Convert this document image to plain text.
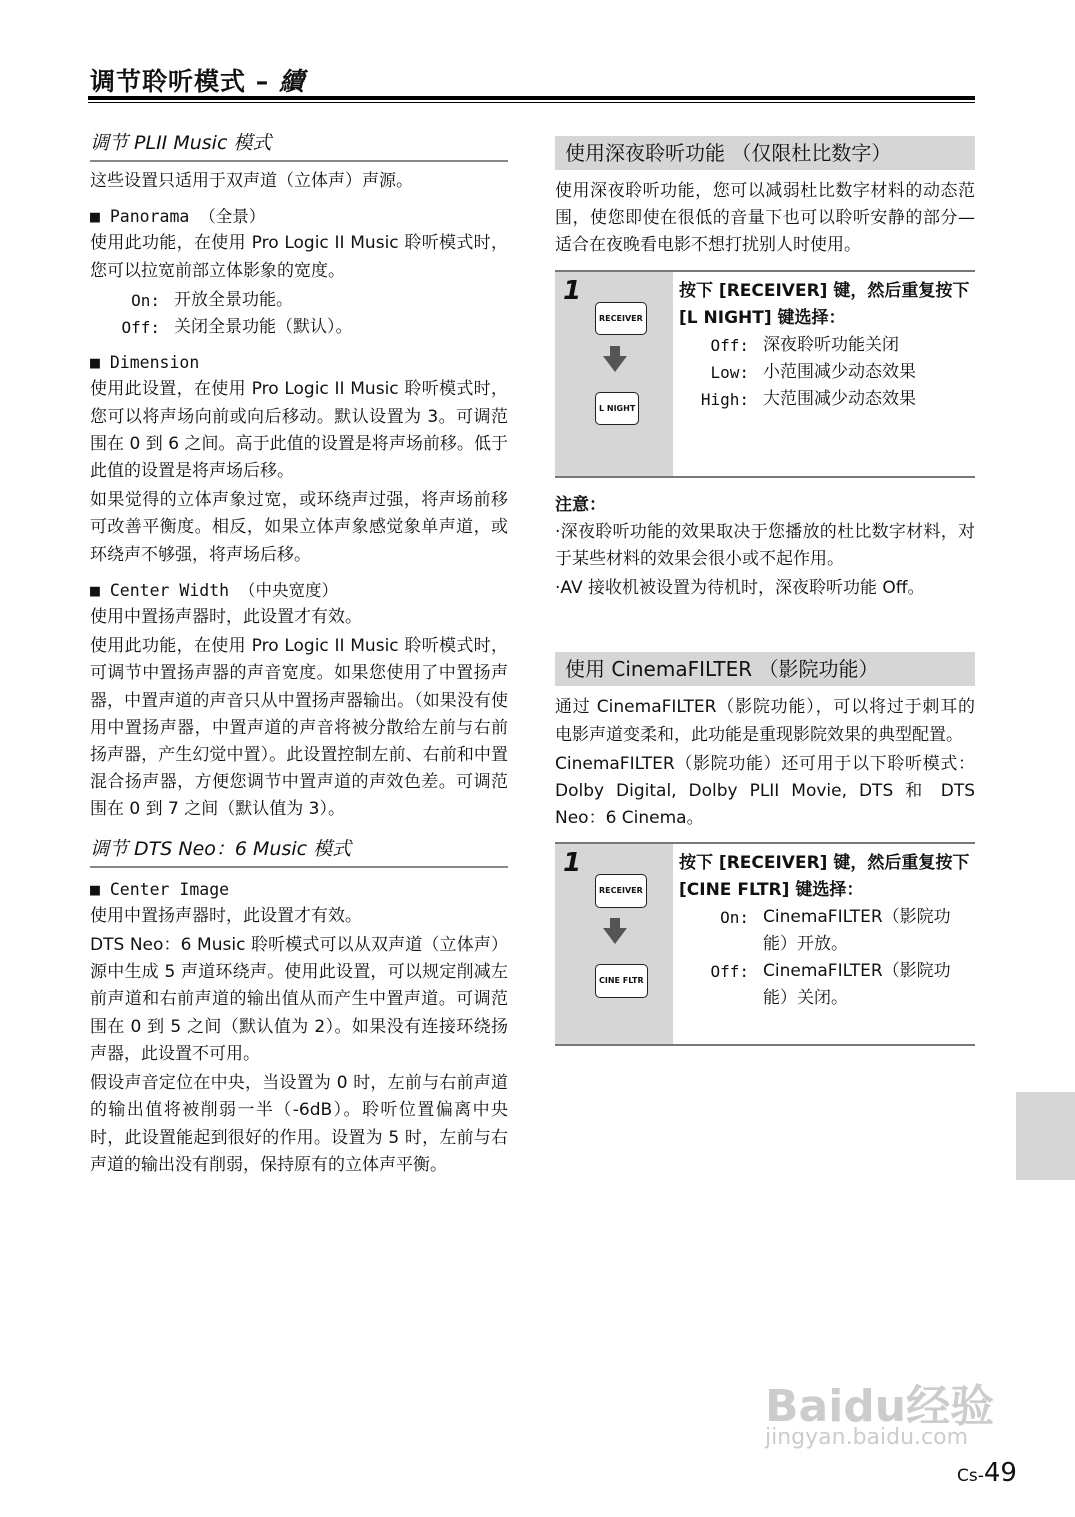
调节聆听模式 – 續
调节 PLII Music 模式

这些设置只适用于双声道（立体声）声源。

■ Panorama （全景）

使用此功能，在使用 Pro Logic II Music 聆听模式时，您可以拉宽前部立体影象的宽度。

On: 开放全景功能。
Off: 关闭全景功能（默认）。
■ Dimension

使用此设置，在使用 Pro Logic II Music 聆听模式时，您可以将声场向前或向后移动。默认设置为 3。可调范围在 0 到 6 之间。高于此值的设置是将声场前移。低于此值的设置是将声场后移。

如果觉得的立体声象过宽，或环绕声过强，将声场前移可改善平衡度。相反，如果立体声象感觉象单声道，或环绕声不够强，将声场后移。

■ Center Width （中央宽度）

使用中置扬声器时，此设置才有效。

使用此功能，在使用 Pro Logic II Music 聆听模式时，可调节中置扬声器的声音宽度。如果您使用了中置扬声器，中置声道的声音只从中置扬声器输出。（如果没有使用中置扬声器，中置声道的声音将被分散给左前与右前扬声器，产生幻觉中置）。此设置控制左前、右前和中置混合扬声器，方便您调节中置声道的声效色差。可调范围在 0 到 7 之间（默认值为 3）。

调节 DTS Neo：6 Music 模式
■ Center Image

使用中置扬声器时，此设置才有效。

DTS Neo：6 Music 聆听模式可以从双声道（立体声）源中生成 5 声道环绕声。使用此设置，可以规定削减左前声道和右前声道的输出值从而产生中置声道。可调范围在 0 到 5 之间（默认值为 2）。如果没有连接环绕扬声器，此设置不可用。

假设声音定位在中央，当设置为 0 时，左前与右前声道的输出值将被削弱一半（-6dB）。聆听位置偏离中央时，此设置能起到很好的作用。设置为 5 时，左前与右声道的输出没有削弱，保持原有的立体声平衡。

使用深夜聆听功能 （仅限杜比数字）

使用深夜聆听功能，您可以减弱杜比数字材料的动态范围，使您即使在很低的音量下也可以聆听安静的部分—适合在夜晚看电影不想打扰别人时使用。

1
RECEIVER
L NIGHT
按下 [RECEIVER] 键，然后重复按下 [L NIGHT] 键选择：
Off: 深夜聆听功能关闭
Low: 小范围减少动态效果
High: 大范围减少动态效果
注意：

·深夜聆听功能的效果取决于您播放的杜比数字材料，对于某些材料的效果会很小或不起作用。

·AV 接收机被设置为待机时，深夜聆听功能 Off。

使用 CinemaFILTER （影院功能）

通过 CinemaFILTER（影院功能），可以将过于刺耳的电影声道变柔和，此功能是重现影院效果的典型配置。

CinemaFILTER（影院功能）还可用于以下聆听模式：Dolby Digital, Dolby PLII Movie, DTS 和 DTS Neo：6 Cinema。

1
RECEIVER
CINE FLTR
按下 [RECEIVER] 键，然后重复按下 [CINE FLTR] 键选择：
On: CinemaFILTER（影院功能）开放。
Off: CinemaFILTER（影院功能）关闭。
Baidu经验
jingyan.baidu.com
Cs-49
